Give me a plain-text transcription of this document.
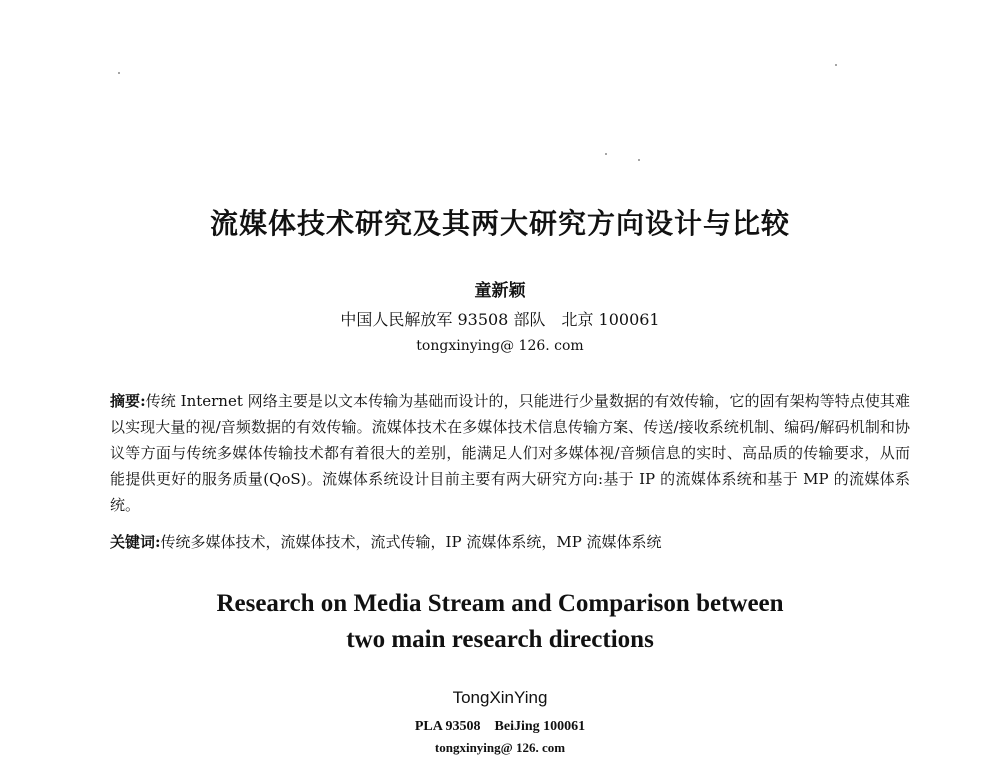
流媒体技术研究及其两大研究方向设计与比较
童新颖
中国人民解放军 93508 部队　北京 100061
tongxinying@ 126. com
摘要:传统 Internet 网络主要是以文本传输为基础而设计的，只能进行少量数据的有效传输，它的固有架构等特点使其难以实现大量的视/音频数据的有效传输。流媒体技术在多媒体技术信息传输方案、传送/接收系统机制、编码/解码机制和协议等方面与传统多媒体传输技术都有着很大的差别，能满足人们对多媒体视/音频信息的实时、高品质的传输要求，从而能提供更好的服务质量(QoS)。流媒体系统设计目前主要有两大研究方向:基于 IP 的流媒体系统和基于 MP 的流媒体系统。
关键词:传统多媒体技术，流媒体技术，流式传输，IP 流媒体系统，MP 流媒体系统
Research on Media Stream and Comparison between
two main research directions
TongXinYing
PLA 93508　BeiJing 100061
tongxinying@ 126. com
